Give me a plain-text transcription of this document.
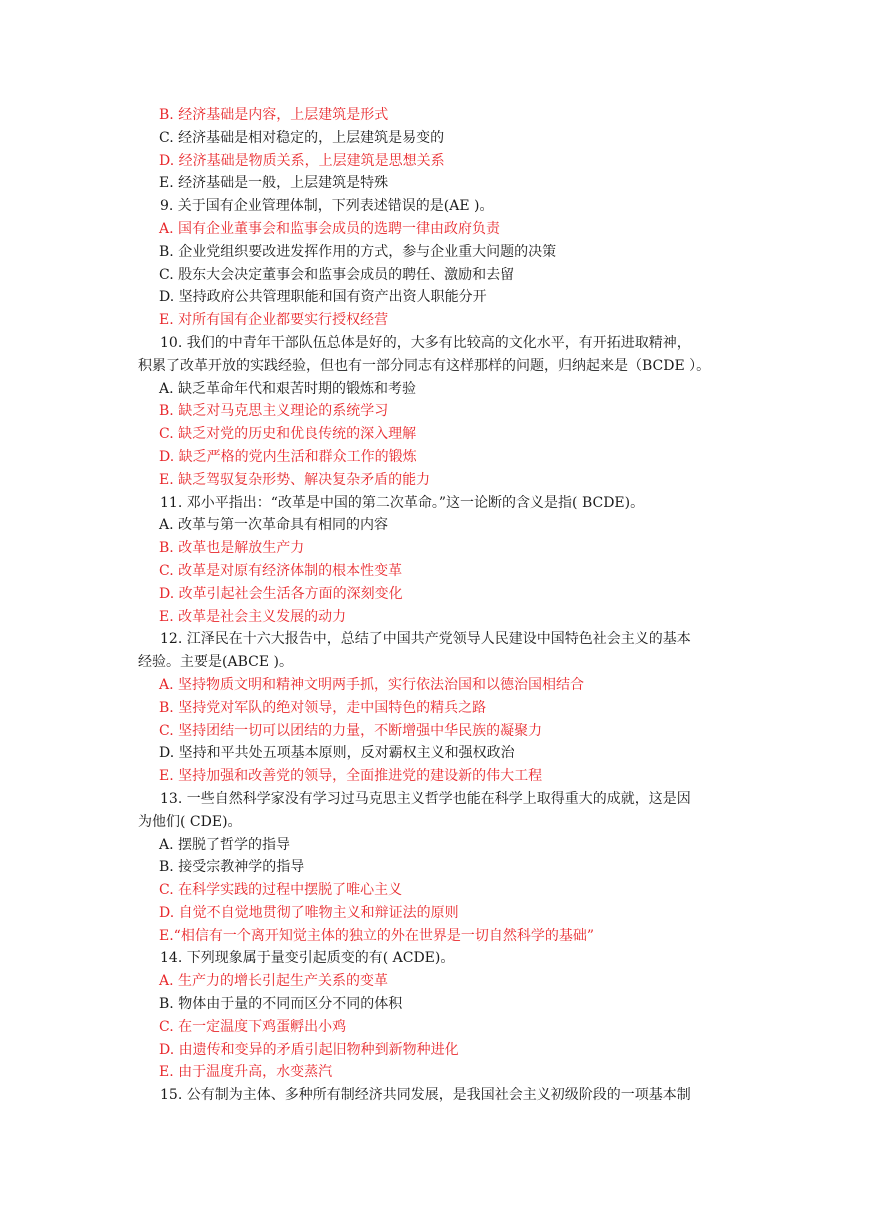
B. 经济基础是内容，上层建筑是形式
C. 经济基础是相对稳定的，上层建筑是易变的
D. 经济基础是物质关系，上层建筑是思想关系
E. 经济基础是一般，上层建筑是特殊
9. 关于国有企业管理体制，下列表述错误的是(AE )。
A. 国有企业董事会和监事会成员的选聘一律由政府负责
B. 企业党组织要改进发挥作用的方式，参与企业重大问题的决策
C. 股东大会决定董事会和监事会成员的聘任、激励和去留
D. 坚持政府公共管理职能和国有资产出资人职能分开
E. 对所有国有企业都要实行授权经营
10. 我们的中青年干部队伍总体是好的，大多有比较高的文化水平，有开拓进取精神，
积累了改革开放的实践经验，但也有一部分同志有这样那样的问题，归纳起来是（BCDE ）。
A. 缺乏革命年代和艰苦时期的锻炼和考验
B. 缺乏对马克思主义理论的系统学习
C. 缺乏对党的历史和优良传统的深入理解
D. 缺乏严格的党内生活和群众工作的锻炼
E. 缺乏驾驭复杂形势、解决复杂矛盾的能力
11. 邓小平指出：“改革是中国的第二次革命。”这一论断的含义是指( BCDE)。
A. 改革与第一次革命具有相同的内容
B. 改革也是解放生产力
C. 改革是对原有经济体制的根本性变革
D. 改革引起社会生活各方面的深刻变化
E. 改革是社会主义发展的动力
12. 江泽民在十六大报告中，总结了中国共产党领导人民建设中国特色社会主义的基本
经验。主要是(ABCE )。
A. 坚持物质文明和精神文明两手抓，实行依法治国和以德治国相结合
B. 坚持党对军队的绝对领导，走中国特色的精兵之路
C. 坚持团结一切可以团结的力量，不断增强中华民族的凝聚力
D. 坚持和平共处五项基本原则，反对霸权主义和强权政治
E. 坚持加强和改善党的领导，全面推进党的建设新的伟大工程
13. 一些自然科学家没有学习过马克思主义哲学也能在科学上取得重大的成就，这是因
为他们( CDE)。
A. 摆脱了哲学的指导
B. 接受宗教神学的指导
C. 在科学实践的过程中摆脱了唯心主义
D. 自觉不自觉地贯彻了唯物主义和辩证法的原则
E.“相信有一个离开知觉主体的独立的外在世界是一切自然科学的基础”
14. 下列现象属于量变引起质变的有( ACDE)。
A. 生产力的增长引起生产关系的变革
B. 物体由于量的不同而区分不同的体积
C. 在一定温度下鸡蛋孵出小鸡
D. 由遗传和变异的矛盾引起旧物种到新物种进化
E. 由于温度升高，水变蒸汽
15. 公有制为主体、多种所有制经济共同发展，是我国社会主义初级阶段的一项基本制
